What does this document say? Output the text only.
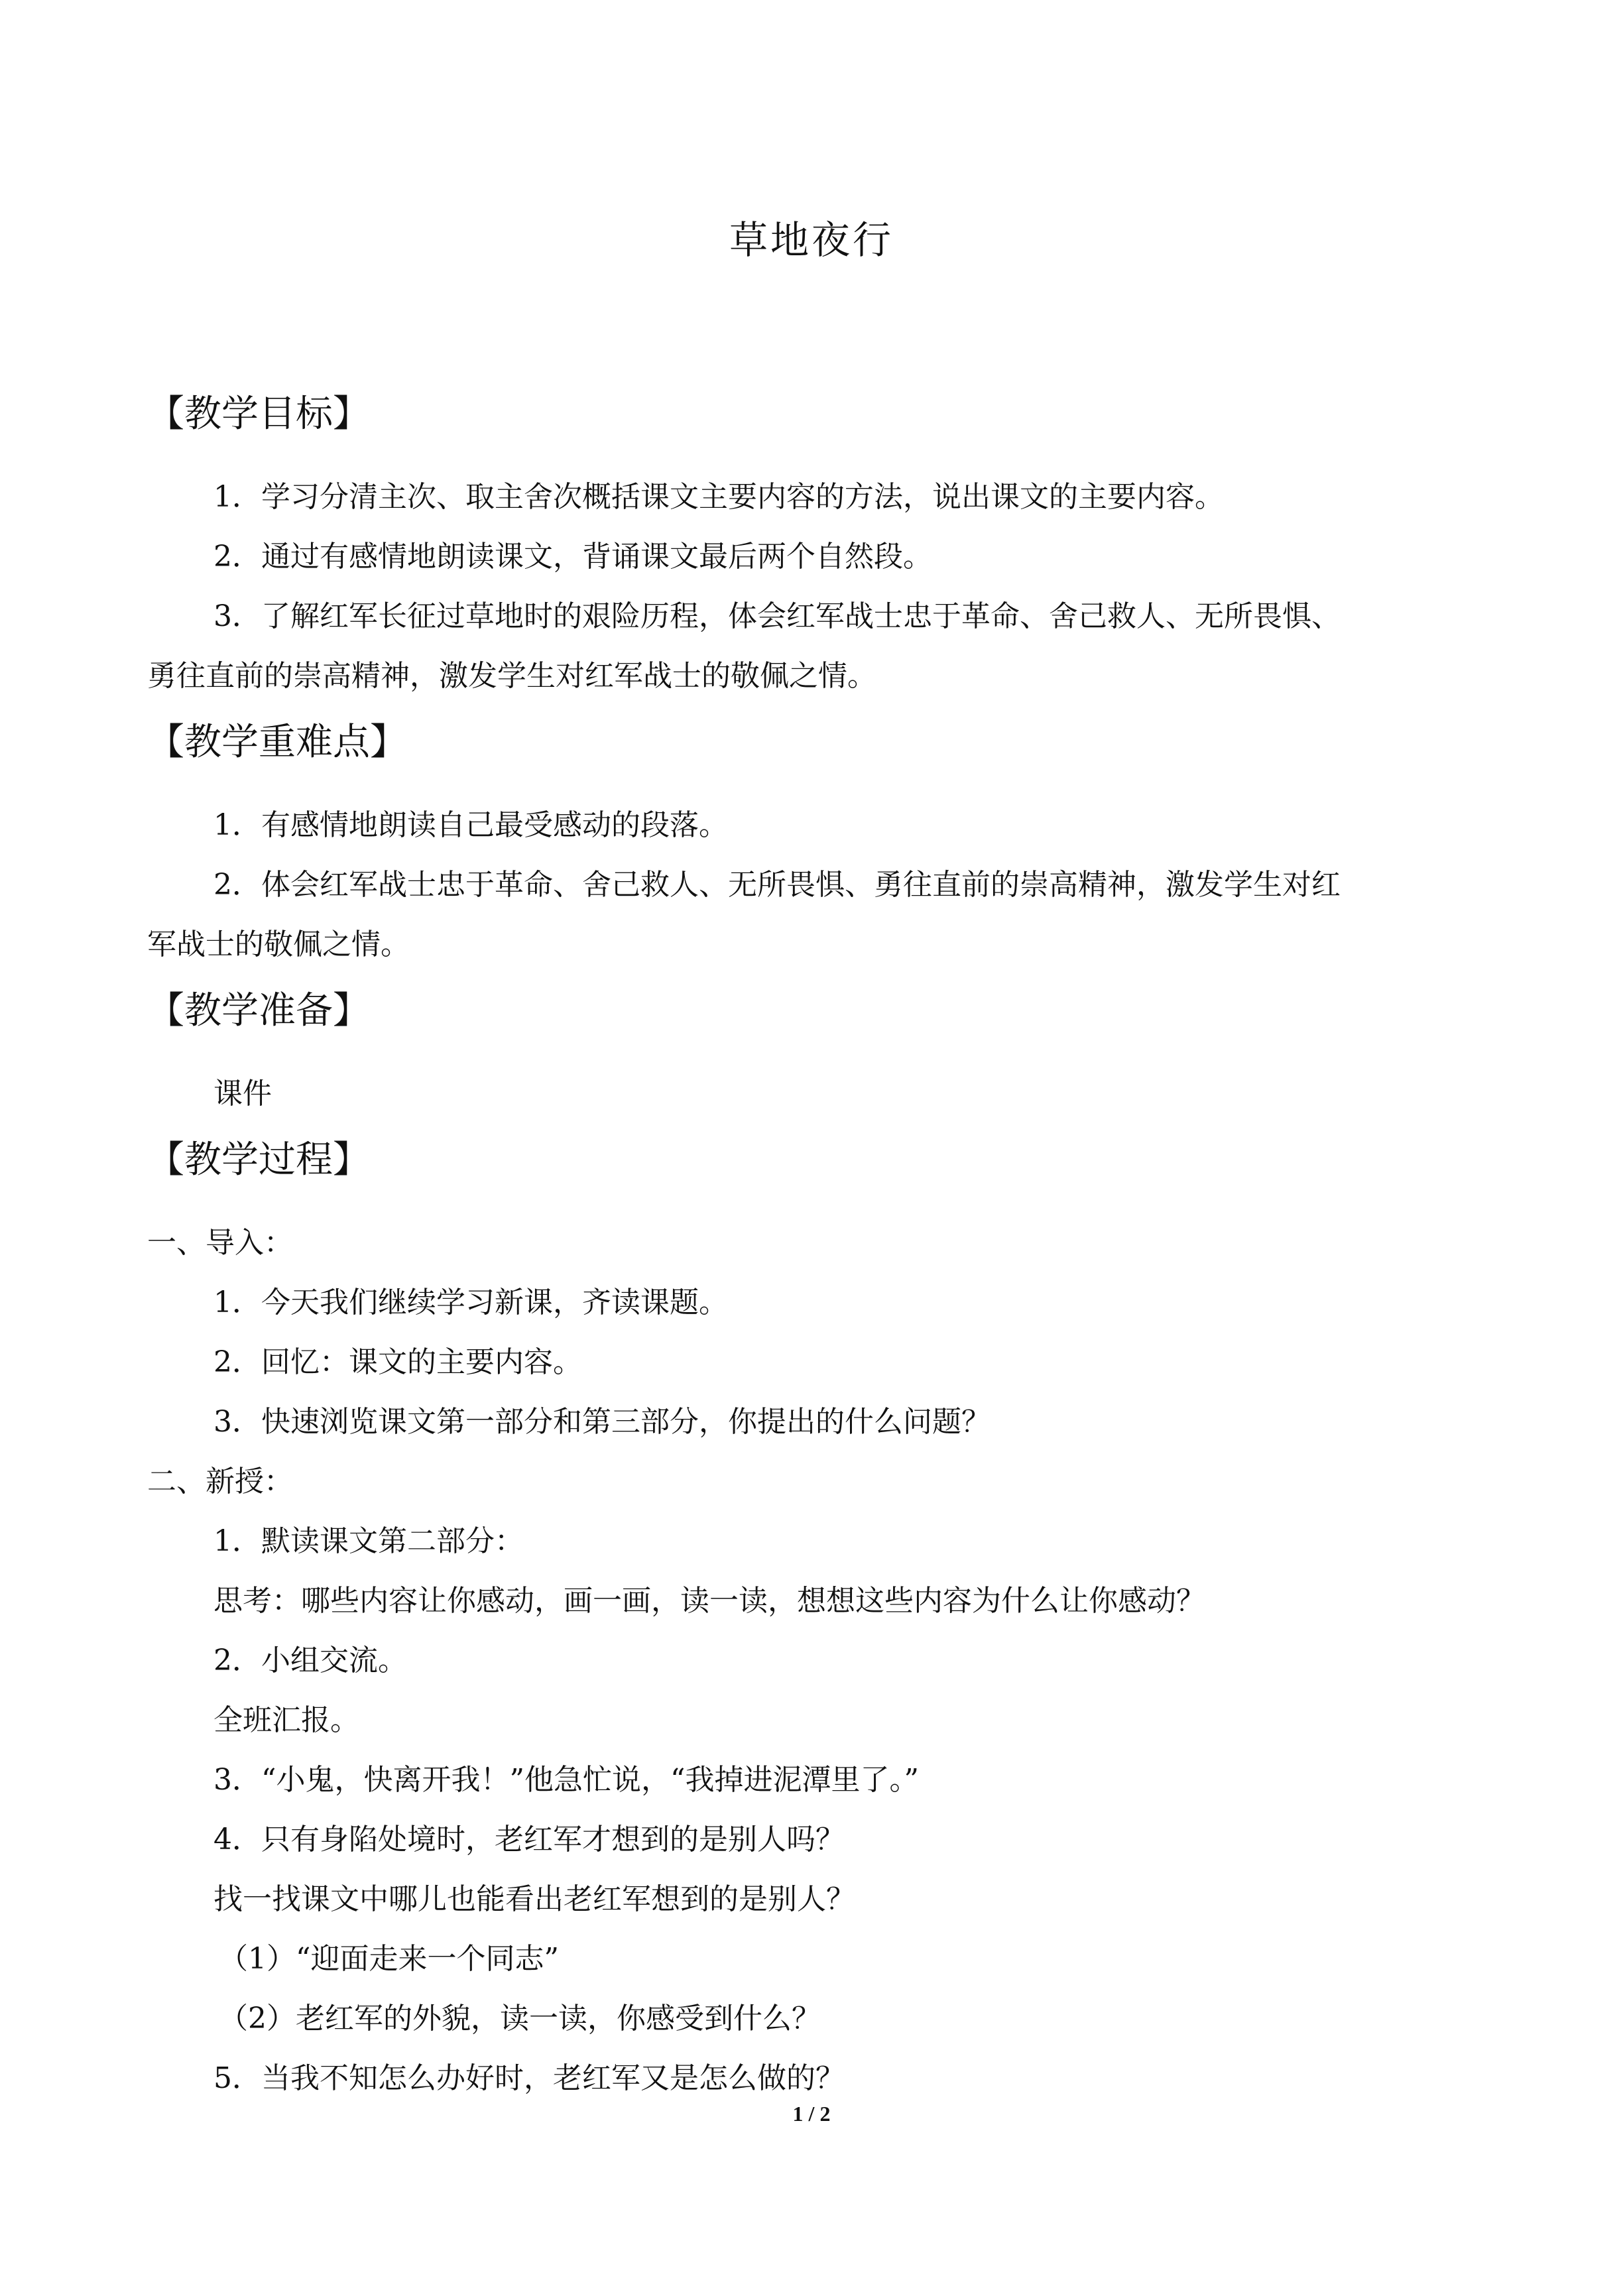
草地夜行
【教学目标】
1．学习分清主次、取主舍次概括课文主要内容的方法，说出课文的主要内容。
2．通过有感情地朗读课文，背诵课文最后两个自然段。
3．了解红军长征过草地时的艰险历程，体会红军战士忠于革命、舍己救人、无所畏惧、
勇往直前的崇高精神，激发学生对红军战士的敬佩之情。
【教学重难点】
1．有感情地朗读自己最受感动的段落。
2．体会红军战士忠于革命、舍己救人、无所畏惧、勇往直前的崇高精神，激发学生对红
军战士的敬佩之情。
【教学准备】
课件
【教学过程】
一、导入：
1．今天我们继续学习新课，齐读课题。
2．回忆：课文的主要内容。
3．快速浏览课文第一部分和第三部分，你提出的什么问题？
二、新授：
1．默读课文第二部分：
思考：哪些内容让你感动，画一画，读一读，想想这些内容为什么让你感动？
2．小组交流。
全班汇报。
3．“小鬼，快离开我！”他急忙说，“我掉进泥潭里了。”
4．只有身陷处境时，老红军才想到的是别人吗？
找一找课文中哪儿也能看出老红军想到的是别人？
（1）“迎面走来一个同志”
（2）老红军的外貌，读一读，你感受到什么？
5．当我不知怎么办好时，老红军又是怎么做的？
1 / 2
